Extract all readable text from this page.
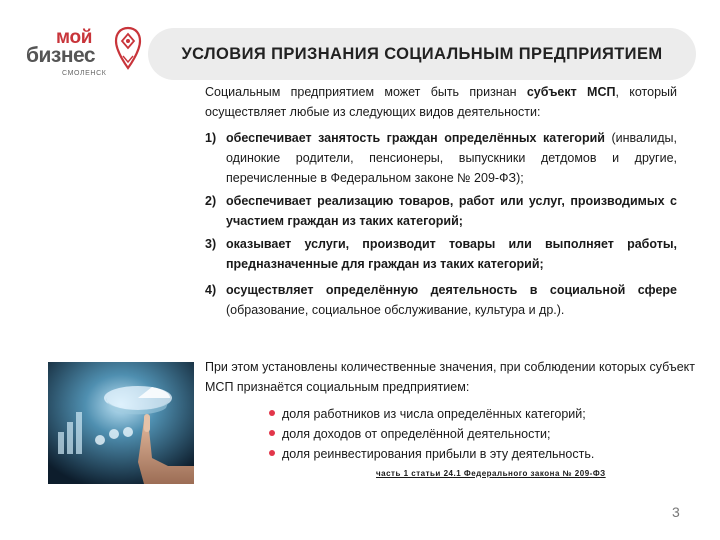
мой
бизнес
СМОЛЕНСК
УСЛОВИЯ ПРИЗНАНИЯ СОЦИАЛЬНЫМ ПРЕДПРИЯТИЕМ

Социальным предприятием может быть признан субъект МСП, который осуществляет любые из следующих видов деятельности:

1) обеспечивает занятость граждан определённых категорий (инвалиды, одинокие родители, пенсионеры, выпускники детдомов и другие, перечисленные в Федеральном законе № 209-ФЗ);
2) обеспечивает реализацию товаров, работ или услуг, производимых с участием граждан из таких категорий;
3) оказывает услуги, производит товары или выполняет работы, предназначенные для граждан из таких категорий;
4) осуществляет определённую деятельность в социальной сфере (образование, социальное обслуживание, культура и др.).

При этом установлены количественные значения, при соблюдении которых субъект МСП признаётся социальным предприятием:

доля работников из числа определённых категорий;
доля доходов от определённой деятельности;
доля реинвестирования прибыли в эту деятельность.
часть 1 статьи 24.1 Федерального закона № 209-ФЗ
3
